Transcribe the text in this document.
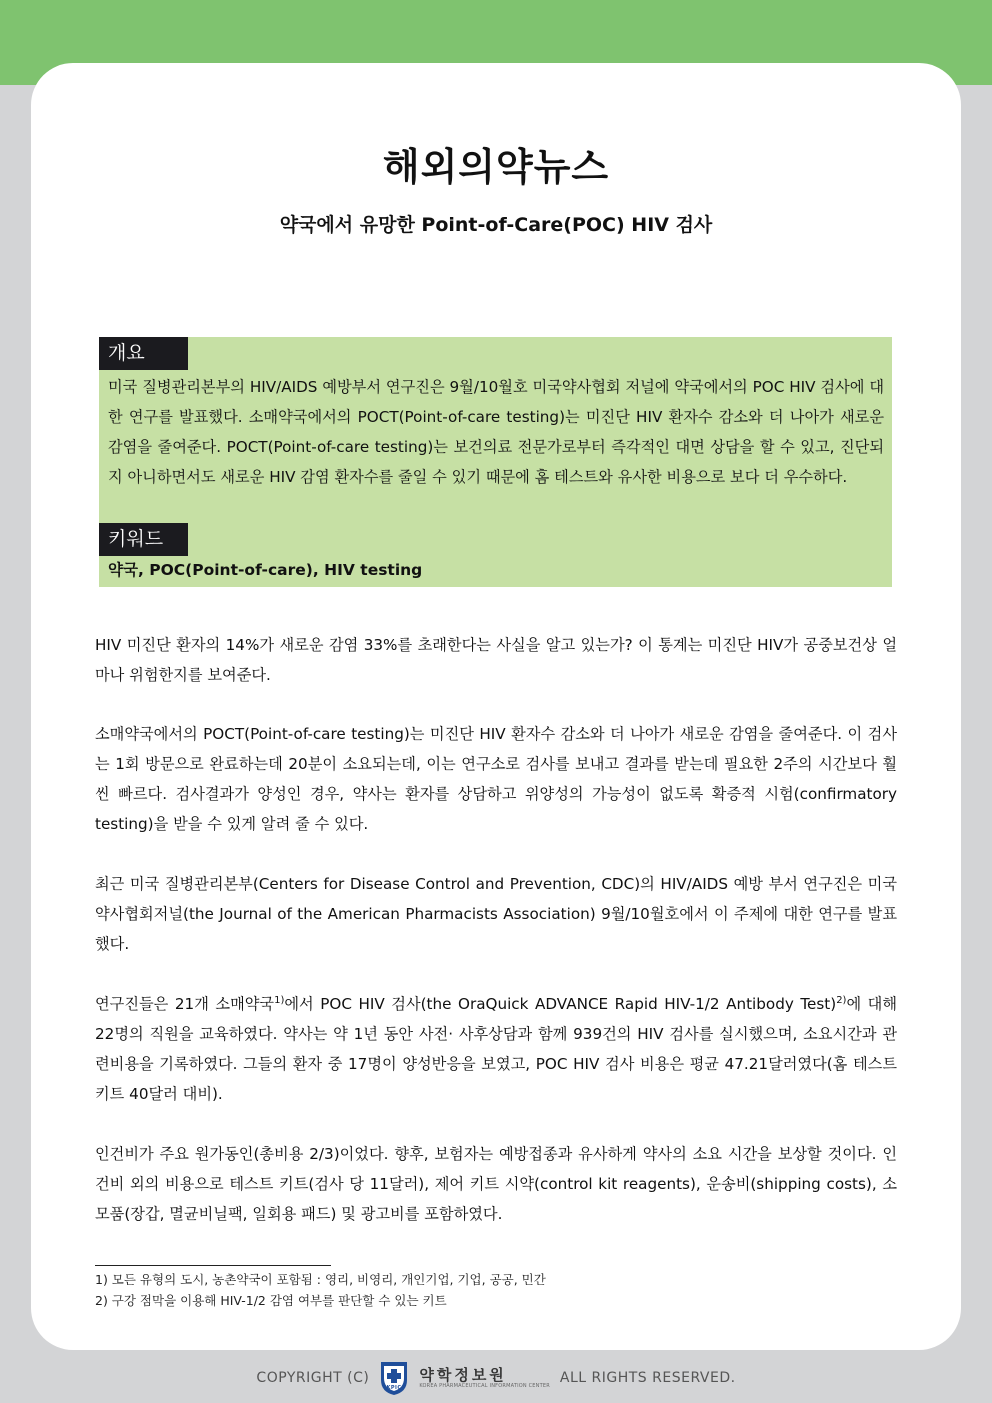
해외의약뉴스
약국에서 유망한 Point-of-Care(POC) HIV 검사
개요

미국 질병관리본부의 HIV/AIDS 예방부서 연구진은 9월/10월호 미국약사협회 저널에 약국에서의 POC HIV 검사에 대한 연구를 발표했다. 소매약국에서의 POCT(Point-of-care testing)는 미진단 HIV 환자수 감소와 더 나아가 새로운 감염을 줄여준다. POCT(Point-of-care testing)는 보건의료 전문가로부터 즉각적인 대면 상담을 할 수 있고, 진단되지 아니하면서도 새로운 HIV 감염 환자수를 줄일 수 있기 때문에 홈 테스트와 유사한 비용으로 보다 더 우수하다.

키워드

약국, POC(Point-of-care), HIV testing

HIV 미진단 환자의 14%가 새로운 감염 33%를 초래한다는 사실을 알고 있는가? 이 통계는 미진단 HIV가 공중보건상 얼마나 위험한지를 보여준다.

소매약국에서의 POCT(Point-of-care testing)는 미진단 HIV 환자수 감소와 더 나아가 새로운 감염을 줄여준다. 이 검사는 1회 방문으로 완료하는데 20분이 소요되는데, 이는 연구소로 검사를 보내고 결과를 받는데 필요한 2주의 시간보다 훨씬 빠르다. 검사결과가 양성인 경우, 약사는 환자를 상담하고 위양성의 가능성이 없도록 확증적 시험(confirmatory testing)을 받을 수 있게 알려 줄 수 있다.

최근 미국 질병관리본부(Centers for Disease Control and Prevention, CDC)의 HIV/AIDS 예방 부서 연구진은 미국약사협회저널(the Journal of the American Pharmacists Association) 9월/10월호에서 이 주제에 대한 연구를 발표했다.

연구진들은 21개 소매약국$^{1)}$에서 POC HIV 검사(the OraQuick ADVANCE Rapid HIV-1/2 Antibody Test)$^{2)}$에 대해 22명의 직원을 교육하였다. 약사는 약 1년 동안 사전· 사후상담과 함께 939건의 HIV 검사를 실시했으며, 소요시간과 관련비용을 기록하였다. 그들의 환자 중 17명이 양성반응을 보였고, POC HIV 검사 비용은 평균 47.21달러였다(홈 테스트 키트 40달러 대비).

인건비가 주요 원가동인(총비용 2/3)이었다. 향후, 보험자는 예방접종과 유사하게 약사의 소요 시간을 보상할 것이다. 인건비 외의 비용으로 테스트 키트(검사 당 11달러), 제어 키트 시약(control kit reagents), 운송비(shipping costs), 소모품(장갑, 멸균비닐팩, 일회용 패드) 및 광고비를 포함하였다.

1) 모든 유형의 도시, 농촌약국이 포함됨 : 영리, 비영리, 개인기업, 기업, 공공, 민간

2) 구강 점막을 이용해 HIV-1/2 감염 여부를 판단할 수 있는 키트

COPYRIGHT (C)
KPIC
약학정보원
KOREA PHARMACEUTICAL INFORMATION CENTER ALL RIGHTS RESERVED.
